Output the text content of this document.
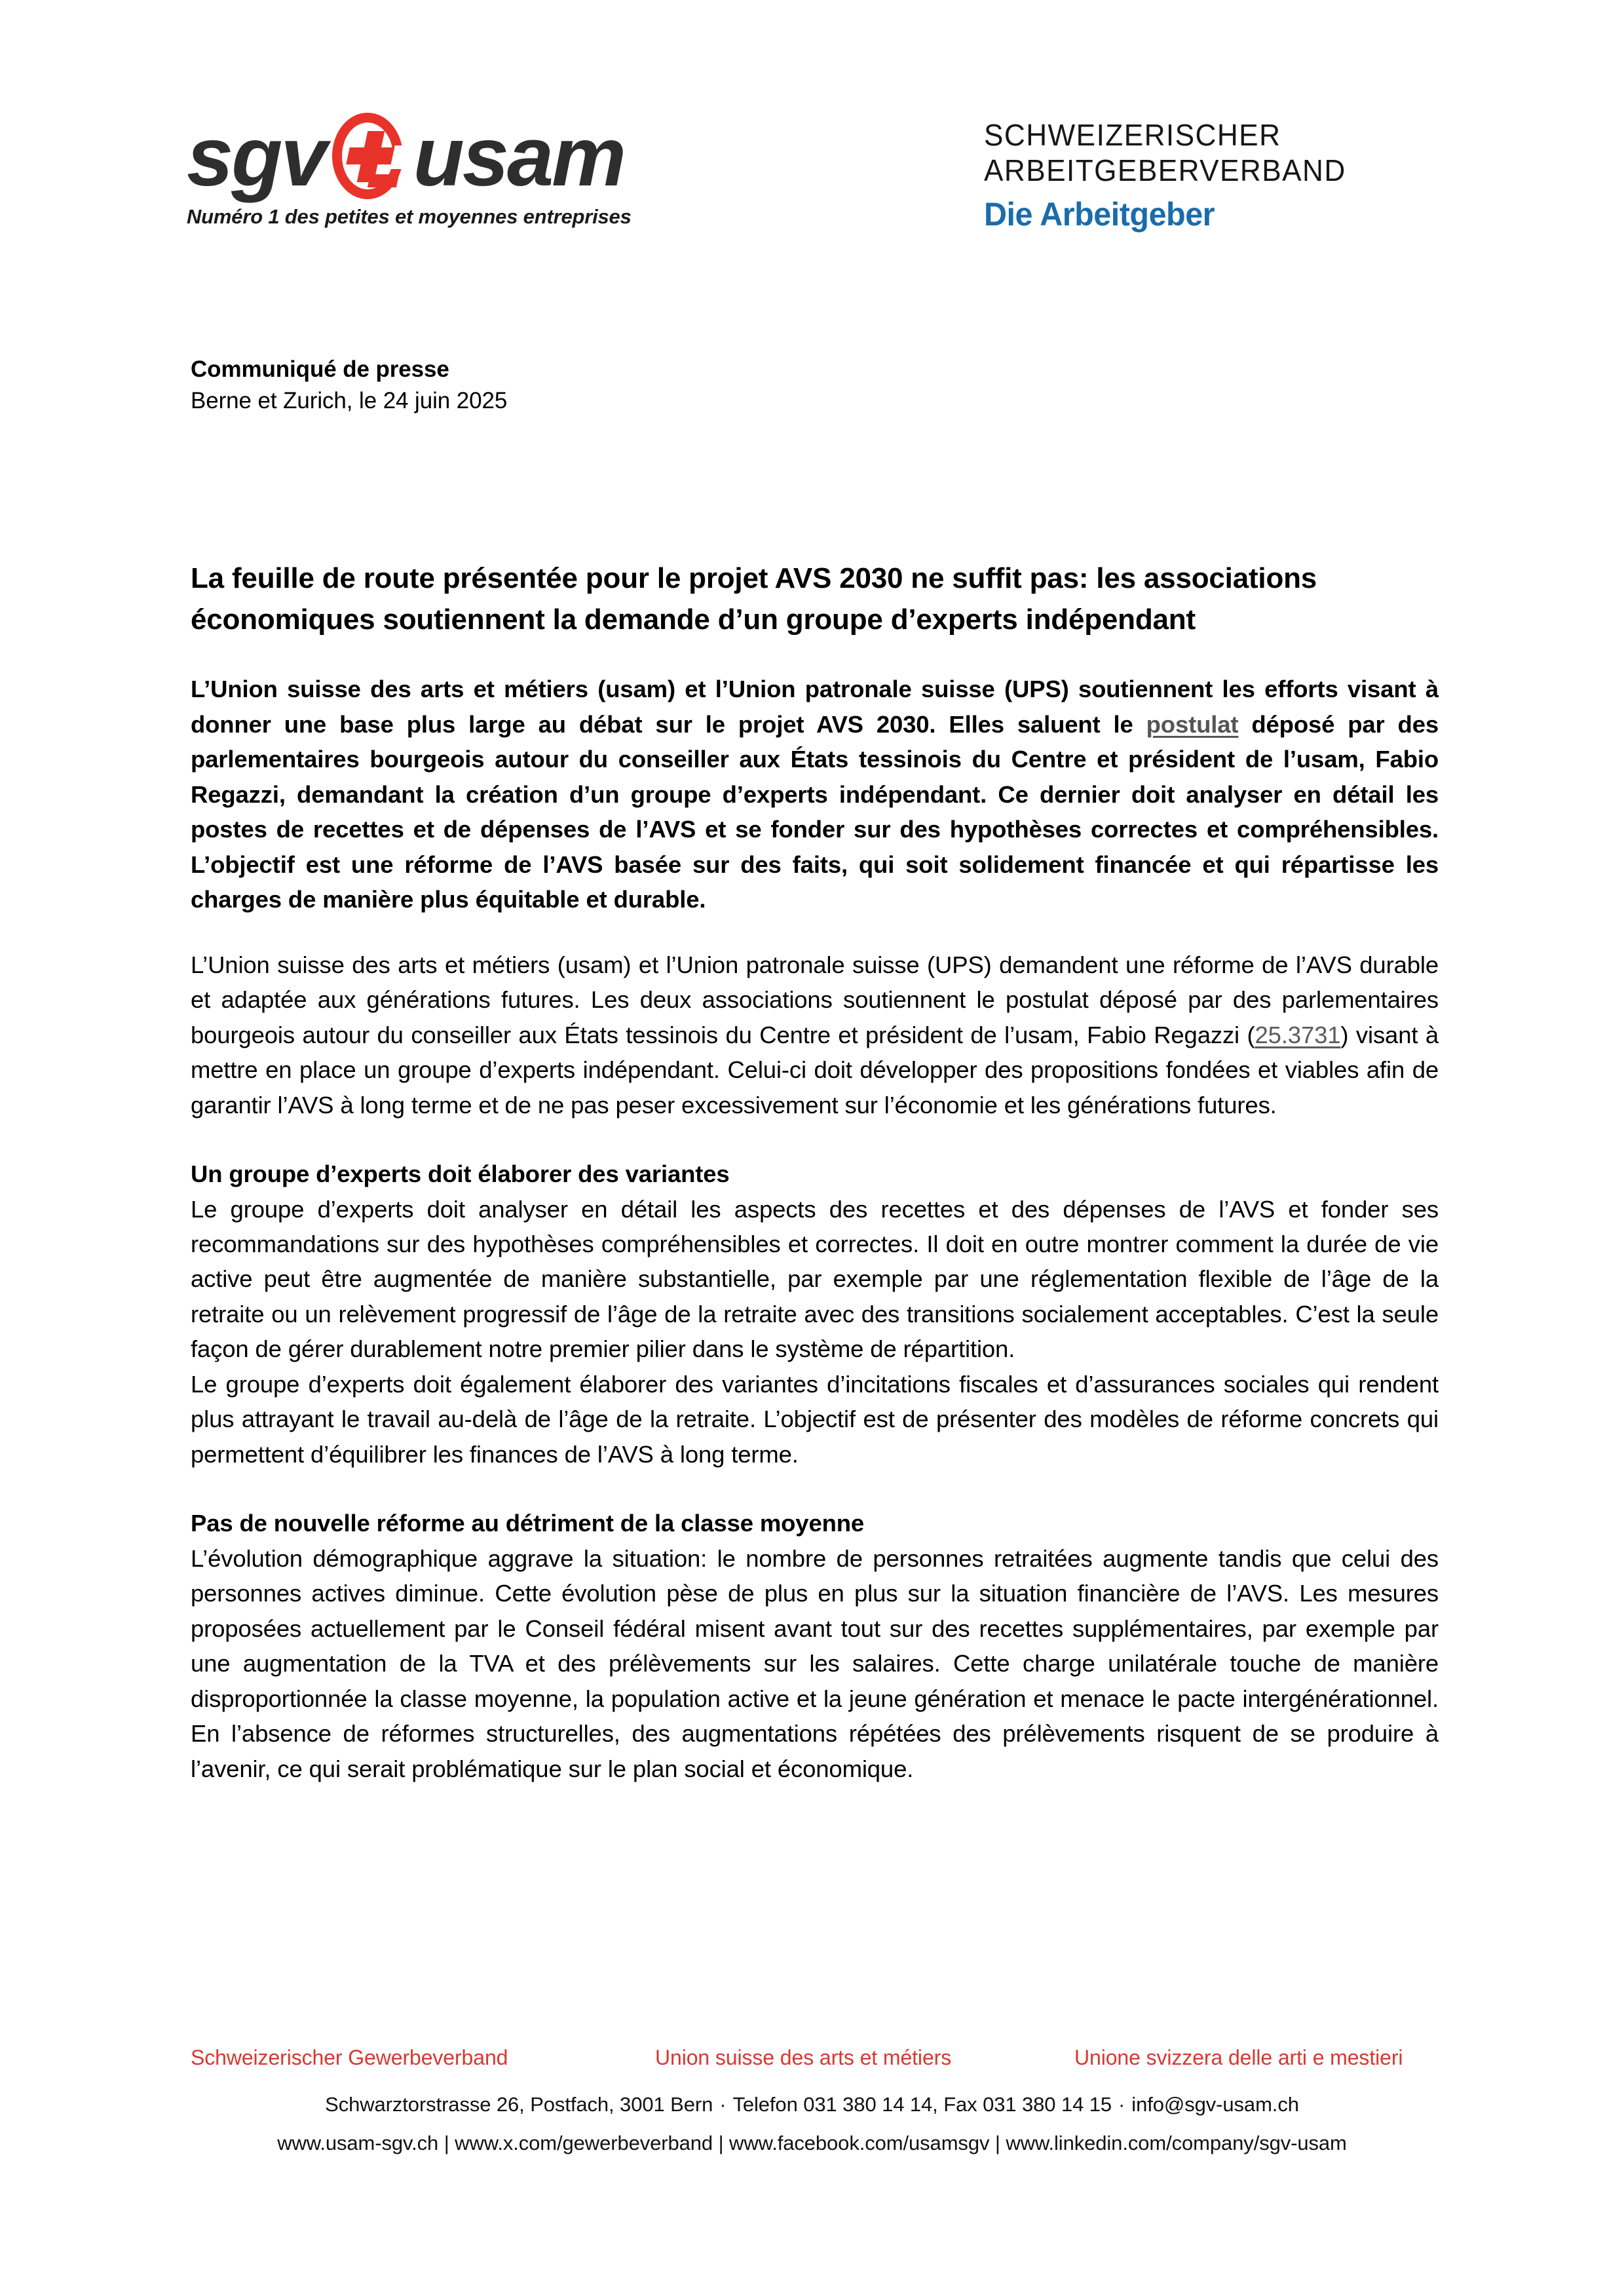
sgv usam
Numéro 1 des petites et moyennes entreprises
SCHWEIZERISCHER
ARBEITGEBERVERBAND
Die Arbeitgeber
Communiqué de presse
Berne et Zurich, le 24 juin 2025
La feuille de route présentée pour le projet AVS 2030 ne suffit pas: les associations économiques soutiennent la demande d’un groupe d’experts indépendant

L’Union suisse des arts et métiers (usam) et l’Union patronale suisse (UPS) soutiennent les efforts visant à donner une base plus large au débat sur le projet AVS 2030. Elles saluent le postulat déposé par des parlementaires bourgeois autour du conseiller aux États tessinois du Centre et président de l’usam, Fabio Regazzi, demandant la création d’un groupe d’experts indépendant. Ce dernier doit analyser en détail les postes de recettes et de dépenses de l’AVS et se fonder sur des hypothèses correctes et compréhensibles. L’objectif est une réforme de l’AVS basée sur des faits, qui soit solidement financée et qui répartisse les charges de manière plus équitable et durable.

L’Union suisse des arts et métiers (usam) et l’Union patronale suisse (UPS) demandent une réforme de l’AVS durable et adaptée aux générations futures. Les deux associations soutiennent le postulat déposé par des parlementaires bourgeois autour du conseiller aux États tessinois du Centre et président de l’usam, Fabio Regazzi (25.3731) visant à mettre en place un groupe d’experts indépendant. Celui-ci doit développer des propositions fondées et viables afin de garantir l’AVS à long terme et de ne pas peser excessivement sur l’économie et les générations futures.

Un groupe d’experts doit élaborer des variantes

Le groupe d’experts doit analyser en détail les aspects des recettes et des dépenses de l’AVS et fonder ses recommandations sur des hypothèses compréhensibles et correctes. Il doit en outre montrer comment la durée de vie active peut être augmentée de manière substantielle, par exemple par une réglementation flexible de l’âge de la retraite ou un relèvement progressif de l’âge de la retraite avec des transitions socialement acceptables. C’est la seule façon de gérer durablement notre premier pilier dans le système de répartition.

Le groupe d’experts doit également élaborer des variantes d’incitations fiscales et d’assurances sociales qui rendent plus attrayant le travail au-delà de l’âge de la retraite. L’objectif est de présenter des modèles de réforme concrets qui permettent d’équilibrer les finances de l’AVS à long terme.

Pas de nouvelle réforme au détriment de la classe moyenne

L’évolution démographique aggrave la situation: le nombre de personnes retraitées augmente tandis que celui des personnes actives diminue. Cette évolution pèse de plus en plus sur la situation financière de l’AVS. Les mesures proposées actuellement par le Conseil fédéral misent avant tout sur des recettes supplémentaires, par exemple par une augmentation de la TVA et des prélèvements sur les salaires. Cette charge unilatérale touche de manière disproportionnée la classe moyenne, la population active et la jeune génération et menace le pacte intergénérationnel. En l’absence de réformes structurelles, des augmentations répétées des prélèvements risquent de se produire à l’avenir, ce qui serait problématique sur le plan social et économique.

Schweizerischer Gewerbeverband	Union suisse des arts et métiers	Unione svizzera delle arti e mestieri
Schwarztorstrasse 26, Postfach, 3001 Bern · Telefon 031 380 14 14, Fax 031 380 14 15 · info@sgv-usam.ch
www.usam-sgv.ch | www.x.com/gewerbeverband | www.facebook.com/usamsgv | www.linkedin.com/company/sgv-usam
